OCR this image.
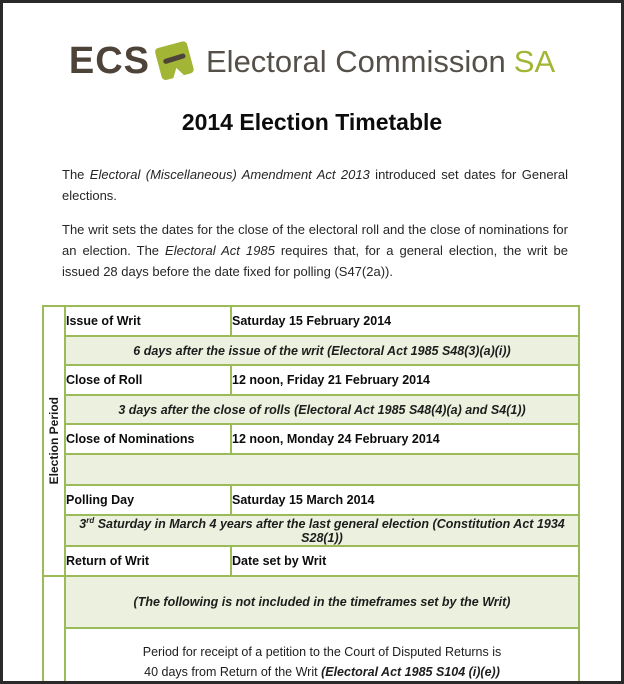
ECS Electoral Commission SA
2014 Election Timetable

The Electoral (Miscellaneous) Amendment Act 2013 introduced set dates for General elections.

The writ sets the dates for the close of the electoral roll and the close of nominations for an election. The Electoral Act 1985 requires that, for a general election, the writ be issued 28 days before the date fixed for polling (S47(2a)).

Election Period	Issue of Writ	Saturday 15 February 2014
	6 days after the issue of the writ (Electoral Act 1985 S48(3)(a)(i))	
	Close of Roll	12 noon, Friday 21 February 2014
	3 days after the close of rolls (Electoral Act 1985 S48(4)(a) and S4(1))	
	Close of Nominations	12 noon, Monday 24 February 2014

	Polling Day	Saturday 15 March 2014
	3rd Saturday in March 4 years after the last general election (Constitution Act 1934 S28(1))	
	Return of Writ	Date set by Writ
	(The following is not included in the timeframes set by the Writ)	

	Period for receipt of a petition to the Court of Disputed Returns is
40 days from Return of the Writ (Electoral Act 1985 S104 (i)(e))	
